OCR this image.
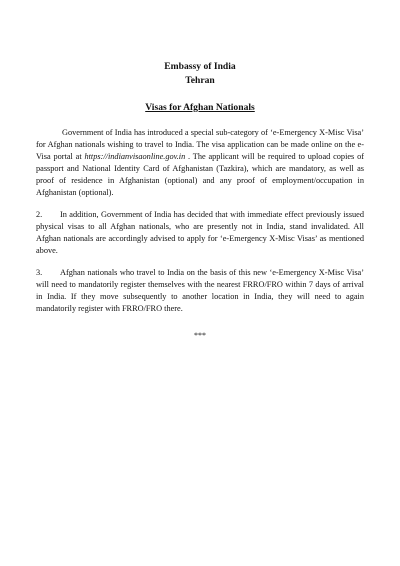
Embassy of India
Tehran
Visas for Afghan Nationals

Government of India has introduced a special sub-category of ‘e-Emergency X-Misc Visa’ for Afghan nationals wishing to travel to India. The visa application can be made online on the e-Visa portal at https://indianvisaonline.gov.in . The applicant will be required to upload copies of passport and National Identity Card of Afghanistan (Tazkira), which are mandatory, as well as proof of residence in Afghanistan (optional) and any proof of employment/occupation in Afghanistan (optional).

2. In addition, Government of India has decided that with immediate effect previously issued physical visas to all Afghan nationals, who are presently not in India, stand invalidated. All Afghan nationals are accordingly advised to apply for ‘e-Emergency X-Misc Visas’ as mentioned above.

3. Afghan nationals who travel to India on the basis of this new ‘e-Emergency X-Misc Visa’ will need to mandatorily register themselves with the nearest FRRO/FRO within 7 days of arrival in India. If they move subsequently to another location in India, they will need to again mandatorily register with FRRO/FRO there.

***
